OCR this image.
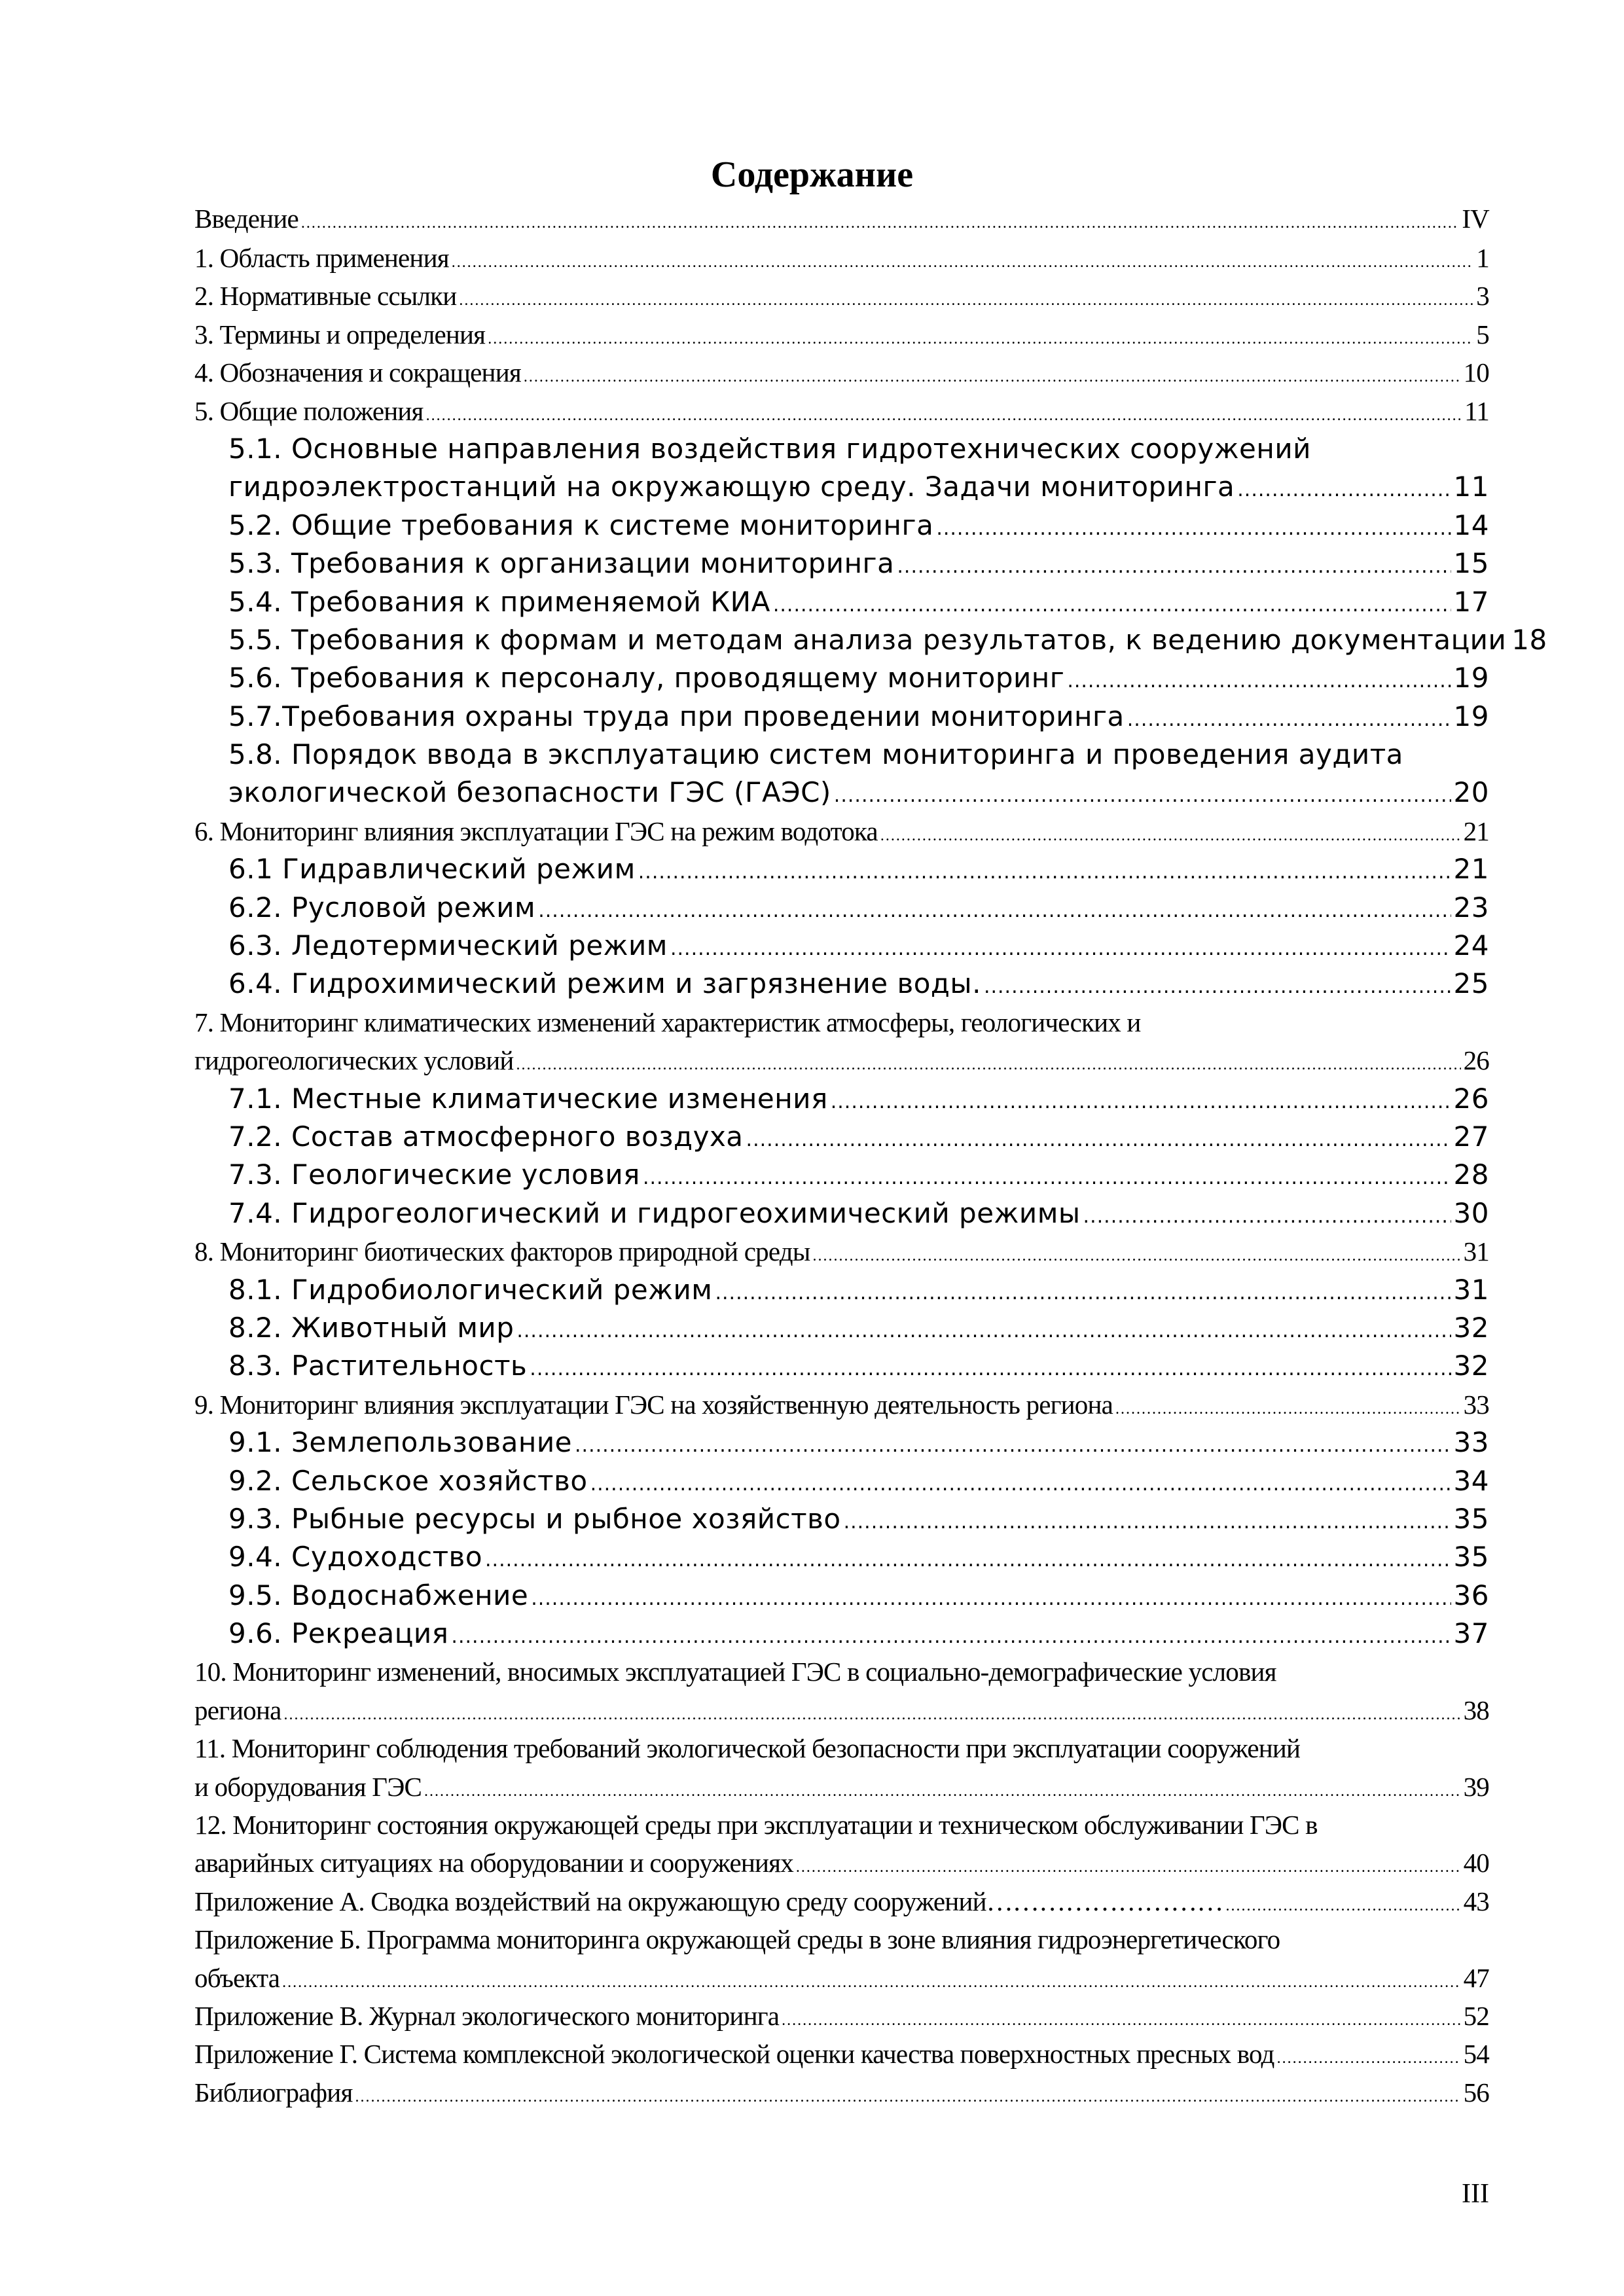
Содержание
Введение .....	IV
1. Область применения .....	1
2. Нормативные ссылки .....	3
3. Термины и определения .....	5
4. Обозначения и сокращения .....	10
5. Общие положения .....	11
5.1. Основные направления воздействия гидротехнических сооружений
гидроэлектростанций на окружающую среду. Задачи мониторинга .....	11
5.2. Общие требования к системе мониторинга .....	14
5.3. Требования к организации мониторинга .....	15
5.4. Требования к применяемой КИА .....	17
5.5. Требования к формам и методам анализа результатов, к ведению документации 18
5.6. Требования к персоналу, проводящему мониторинг .....	19
5.7.Требования охраны труда при проведении мониторинга .....	19
5.8. Порядок ввода в эксплуатацию систем мониторинга и проведения аудита
экологической безопасности ГЭС (ГАЭС) .....	20
6. Мониторинг влияния эксплуатации ГЭС на режим водотока .....	21
6.1 Гидравлический режим .....	21
6.2. Русловой режим .....	23
6.3. Ледотермический режим .....	24
6.4. Гидрохимический режим и загрязнение воды. .....	25
7. Мониторинг климатических изменений характеристик атмосферы, геологических и
гидрогеологических условий .....	26
7.1. Местные климатические изменения .....	26
7.2. Состав атмосферного воздуха .....	27
7.3. Геологические условия .....	28
7.4. Гидрогеологический и гидрогеохимический режимы .....	30
8. Мониторинг биотических факторов природной среды .....	31
8.1. Гидробиологический режим .....	31
8.2. Животный мир .....	32
8.3. Растительность .....	32
9. Мониторинг влияния эксплуатации ГЭС на хозяйственную деятельность региона .....	33
9.1. Землепользование .....	33
9.2. Сельское хозяйство .....	34
9.3. Рыбные ресурсы и рыбное хозяйство .....	35
9.4. Судоходство .....	35
9.5. Водоснабжение .....	36
9.6. Рекреация .....	37
10. Мониторинг изменений, вносимых эксплуатацией ГЭС в социально-демографические условия
региона .....	38
11. Мониторинг соблюдения требований экологической безопасности при эксплуатации сооружений
и оборудования ГЭС .....	39
12. Мониторинг состояния окружающей среды при эксплуатации и техническом обслуживании ГЭС в
аварийных ситуациях на оборудовании и сооружениях .....	40
Приложение А. Сводка воздействий на окружающую среду сооружений……………………… .....	43
Приложение Б. Программа мониторинга окружающей среды в зоне влияния гидроэнергетического
объекта .....	47
Приложение В. Журнал экологического мониторинга .....	52
Приложение Г. Система комплексной экологической оценки качества поверхностных пресных вод .....	54
Библиография .....	56
III
